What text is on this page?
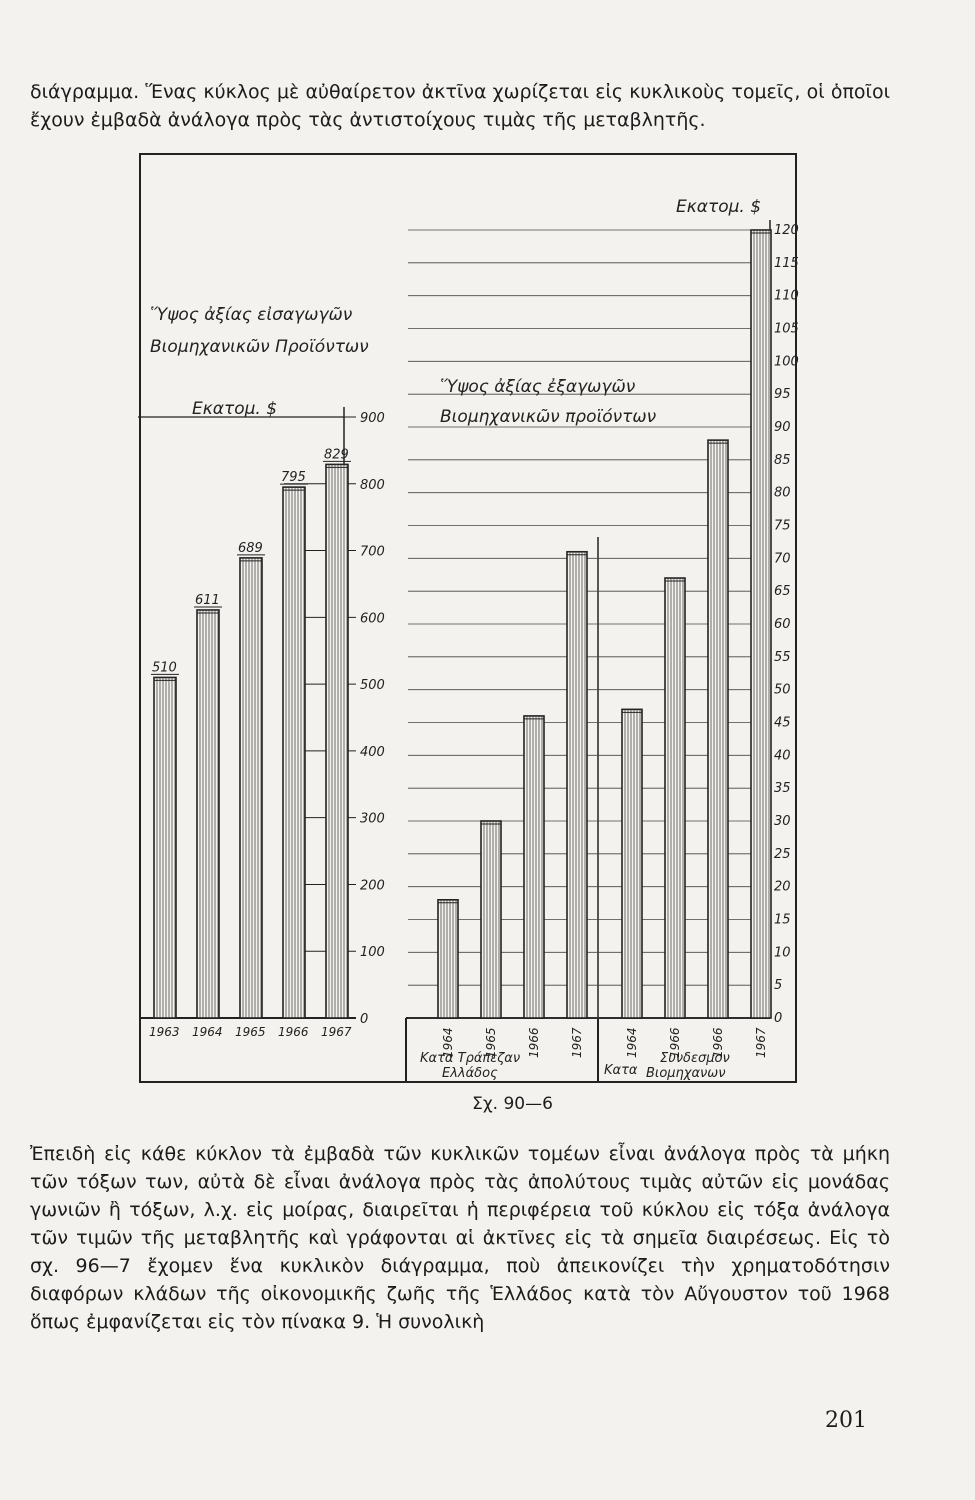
διάγραμμα. Ἕνας κύκλος μὲ αὐθαίρετον ἀκτῖνα χωρίζεται εἰς κυκλικοὺς τομεῖς, οἱ ὁποῖοι ἔχουν ἐμβαδὰ ἀνάλογα πρὸς τὰς ἀντιστοίχους τιμὰς τῆς μεταβλητῆς.

Ὕψος ἀξίας εἰσαγωγῶν
Βιομηχανικῶν Προϊόντων
Εκατομ. $
Ὕψος ἀξίας ἐξαγωγῶν
Βιομηχανικῶν προϊόντων
Εκατομ. $
Κατα Τράπεζαν
Ελλάδος	Κατα
Συνδεσμον
Βιομηχανων
0
100
200
300
400
500
600
700
800
900
510
1963
611
1964
689
1965
795
1966
829
1967
0
5
10
15
20
25
30
35
40
45
50
55
60
65
70
75
80
85
90
95
100
105
110
115
120
1964 1965 1966 1967	1964 1966 1966 1967
Σχ. 90—6

Ἐπειδὴ εἰς κάθε κύκλον τὰ ἐμβαδὰ τῶν κυκλικῶν τομέων εἶναι ἀνάλογα πρὸς τὰ μήκη τῶν τόξων των, αὐτὰ δὲ εἶναι ἀνάλογα πρὸς τὰς ἀπολύτους τιμὰς αὐτῶν εἰς μονάδας γωνιῶν ἢ τόξων, λ.χ. εἰς μοίρας, διαιρεῖται ἡ περιφέρεια τοῦ κύκλου εἰς τόξα ἀνάλογα τῶν τιμῶν τῆς μεταβλητῆς καὶ γράφονται αἱ ἀκτῖνες εἰς τὰ σημεῖα διαιρέσεως. Εἰς τὸ σχ. 96—7 ἔχομεν ἕνα κυκλικὸν διάγραμμα, ποὺ ἀπεικονίζει τὴν χρηματοδότησιν διαφόρων κλάδων τῆς οἰκονομικῆς ζωῆς τῆς Ἑλλάδος κατὰ τὸν Αὔγουστον τοῦ 1968 ὅπως ἐμφανίζεται εἰς τὸν πίνακα 9. Ἡ συνολικὴ

201
